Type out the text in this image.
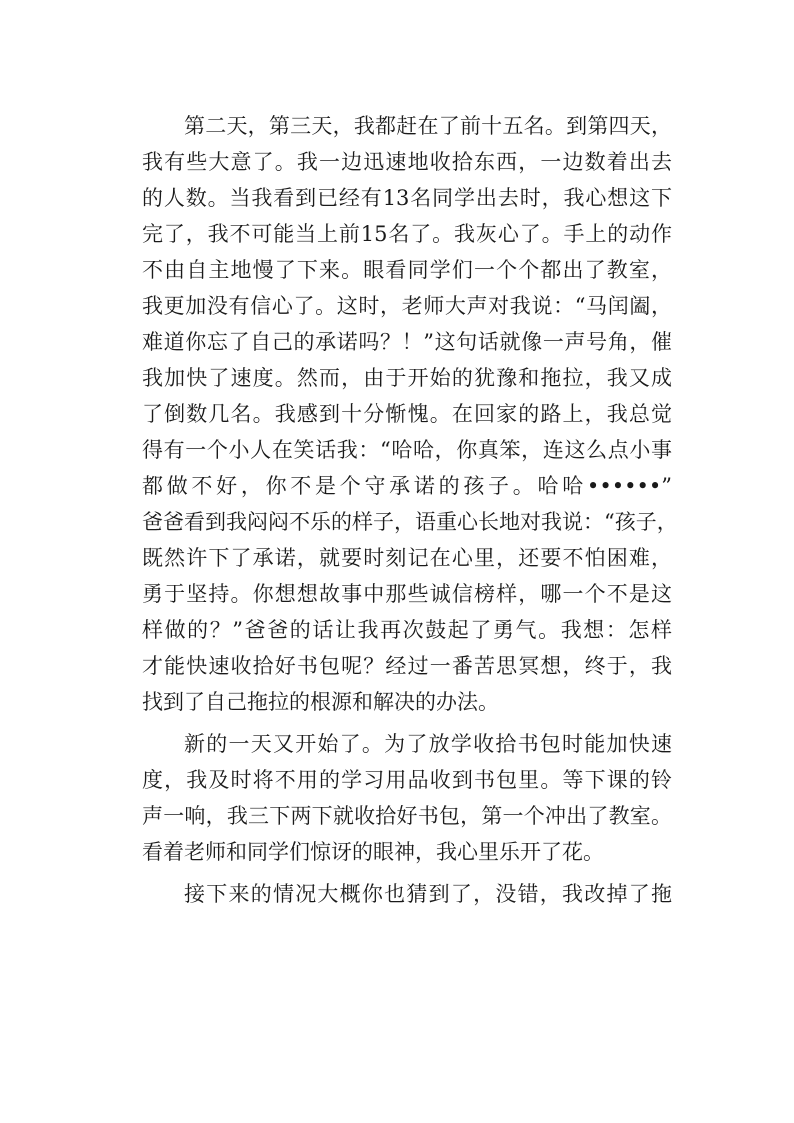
第二天，第三天，我都赶在了前十五名。到第四天，
我有些大意了。我一边迅速地收拾东西，一边数着出去
的人数。当我看到已经有13名同学出去时，我心想这下
完了，我不可能当上前15名了。我灰心了。手上的动作
不由自主地慢了下来。眼看同学们一个个都出了教室，
我更加没有信心了。这时，老师大声对我说：“马闰阖，
难道你忘了自己的承诺吗？！”这句话就像一声号角，催
我加快了速度。然而，由于开始的犹豫和拖拉，我又成
了倒数几名。我感到十分惭愧。在回家的路上，我总觉
得有一个小人在笑话我：“哈哈，你真笨，连这么点小事
都做不好，你不是个守承诺的孩子。哈哈••••••”
爸爸看到我闷闷不乐的样子，语重心长地对我说：“孩子，
既然许下了承诺，就要时刻记在心里，还要不怕困难，
勇于坚持。你想想故事中那些诚信榜样，哪一个不是这
样做的？”爸爸的话让我再次鼓起了勇气。我想：怎样
才能快速收拾好书包呢？经过一番苦思冥想，终于，我
找到了自己拖拉的根源和解决的办法。
新的一天又开始了。为了放学收拾书包时能加快速
度，我及时将不用的学习用品收到书包里。等下课的铃
声一响，我三下两下就收拾好书包，第一个冲出了教室。
看着老师和同学们惊讶的眼神，我心里乐开了花。
接下来的情况大概你也猜到了，没错，我改掉了拖
